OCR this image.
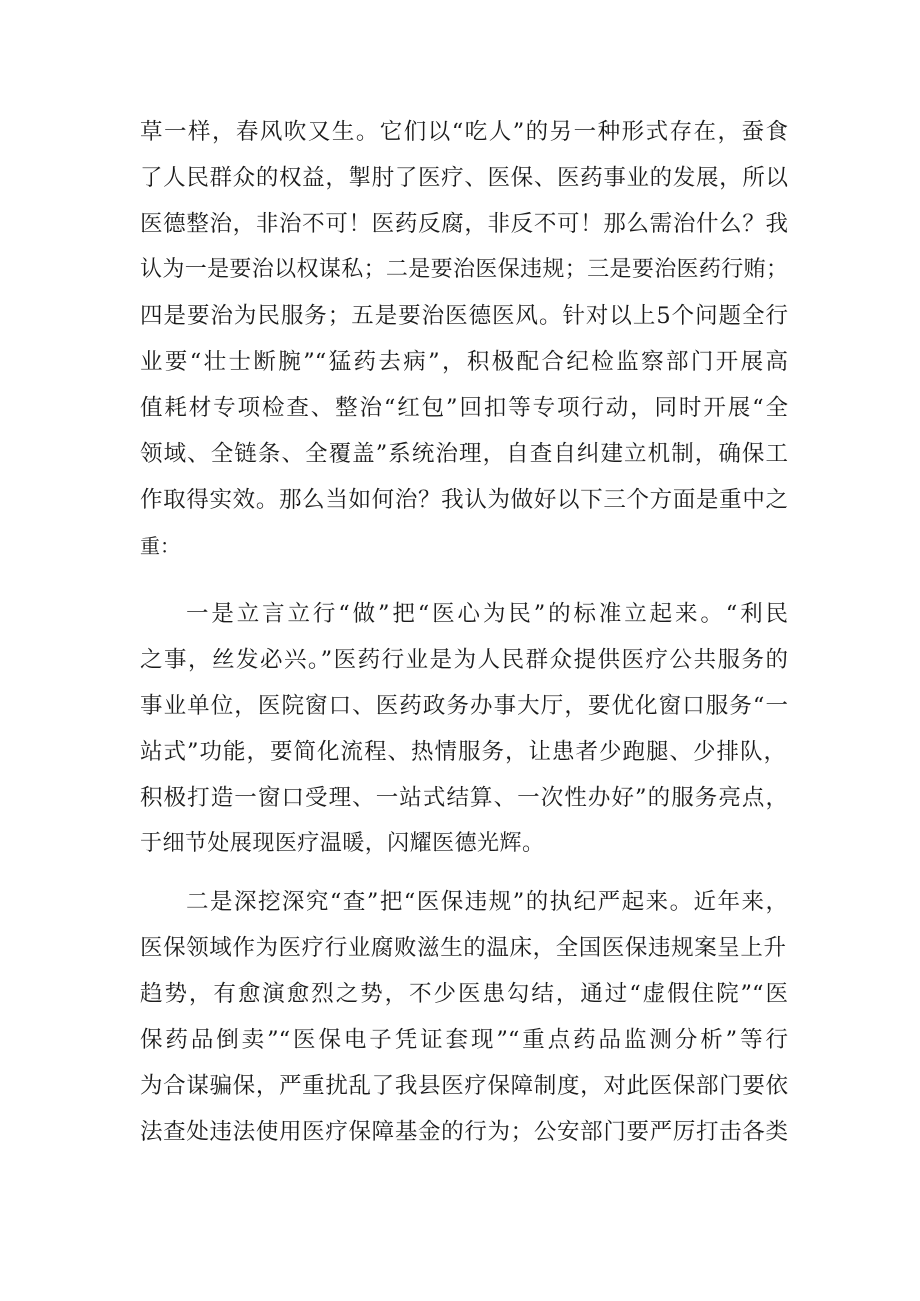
草一样，春风吹又生。它们以“吃人”的另一种形式存在，蚕食
了人民群众的权益，掣肘了医疗、医保、医药事业的发展，所以
医德整治，非治不可！医药反腐，非反不可！那么需治什么？我
认为一是要治以权谋私；二是要治医保违规；三是要治医药行贿；
四是要治为民服务；五是要治医德医风。针对以上5个问题全行
业要“壮士断腕”“猛药去病”，积极配合纪检监察部门开展高
值耗材专项检查、整治“红包”回扣等专项行动，同时开展“全
领域、全链条、全覆盖”系统治理，自查自纠建立机制，确保工
作取得实效。那么当如何治？我认为做好以下三个方面是重中之
重：
一是立言立行“做”把“医心为民”的标准立起来。“利民
之事，丝发必兴。”医药行业是为人民群众提供医疗公共服务的
事业单位，医院窗口、医药政务办事大厅，要优化窗口服务“一
站式”功能，要简化流程、热情服务，让患者少跑腿、少排队，
积极打造一窗口受理、一站式结算、一次性办好”的服务亮点，
于细节处展现医疗温暖，闪耀医德光辉。
二是深挖深究“查”把“医保违规”的执纪严起来。近年来，
医保领域作为医疗行业腐败滋生的温床，全国医保违规案呈上升
趋势，有愈演愈烈之势，不少医患勾结，通过“虚假住院”“医
保药品倒卖”“医保电子凭证套现”“重点药品监测分析”等行
为合谋骗保，严重扰乱了我县医疗保障制度，对此医保部门要依
法查处违法使用医疗保障基金的行为；公安部门要严厉打击各类
